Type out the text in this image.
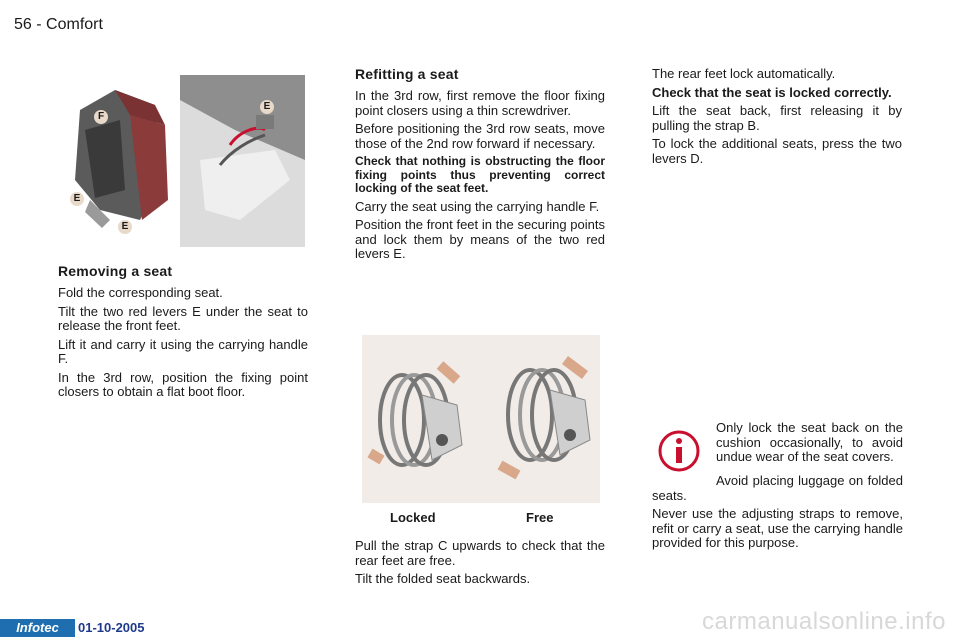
56 - Comfort
F
E
E
E
Removing a seat

Fold the corresponding seat.

Tilt the two red levers E under the seat to release the front feet.

Lift it and carry it using the carrying handle F.

In the 3rd row, position the fixing point closers to obtain a flat boot floor.

Refitting a seat

In the 3rd row, first remove the floor fixing point closers using a thin screwdriver.

Before positioning the 3rd row seats, move those of the 2nd row forward if necessary.

Check that nothing is obstructing the floor fixing points thus preventing correct locking of the seat feet.

Carry the seat using the carrying handle F.

Position the front feet in the securing points and lock them by means of the two red levers E.

Locked	Free

Pull the strap C upwards to check that the rear feet are free.

Tilt the folded seat backwards.

The rear feet lock automatically.

Check that the seat is locked correctly.

Lift the seat back, first releasing it by pulling the strap B.

To lock the additional seats, press the two levers D.

Only lock the seat back on the cushion occasionally, to avoid undue wear of the seat covers.

Avoid placing luggage on folded seats.

Never use the adjusting straps to remove, refit or carry a seat, use the carrying handle provided for this purpose.

Infotec	01-10-2005	carmanualsonline.info
